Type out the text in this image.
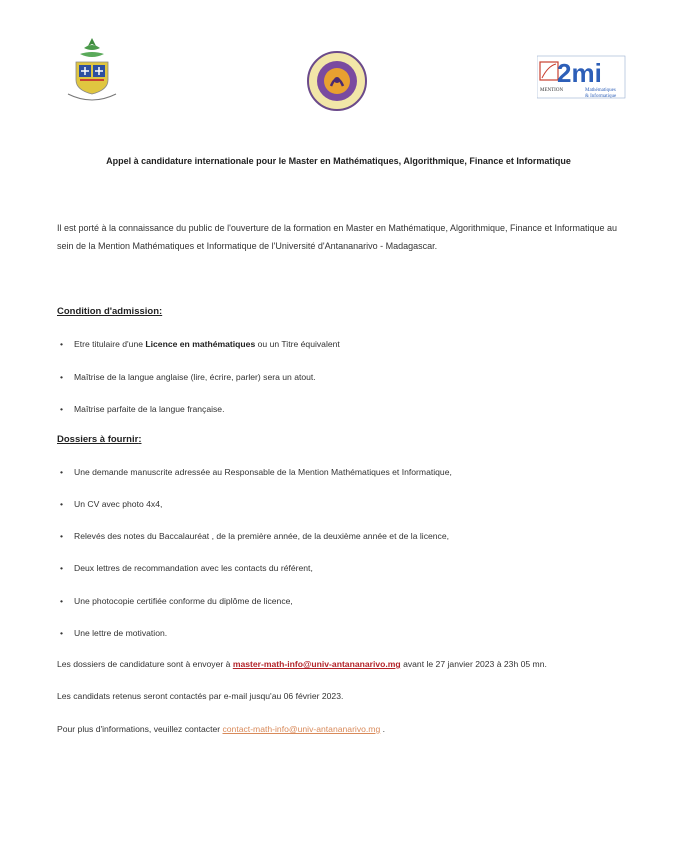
2mi
MENTION	Mathématiques
& Informatique
Appel à candidature internationale pour le Master en Mathématiques, Algorithmique, Finance et Informatique
Il est porté à la connaissance du public de l'ouverture de la formation en Master en Mathématique, Algorithmique, Finance et Informatique au sein de la Mention Mathématiques et Informatique de l'Université d'Antananarivo - Madagascar.
Condition d'admission:
• Etre titulaire d'une Licence en mathématiques ou un Titre équivalent
• Maîtrise de la langue anglaise (lire, écrire, parler) sera un atout.
• Maîtrise parfaite de la langue française.
Dossiers à fournir:
• Une demande manuscrite adressée au Responsable de la Mention Mathématiques et Informatique,
• Un CV avec photo 4x4,
• Relevés des notes du Baccalauréat , de la première année, de la deuxième année et de la licence,
• Deux lettres de recommandation avec les contacts du référent,
• Une photocopie certifiée conforme du diplôme de licence,
• Une lettre de motivation.
Les dossiers de candidature sont à envoyer à master-math-info@univ-antananarivo.mg avant le 27 janvier 2023 à 23h 05 mn.
Les candidats retenus seront contactés par e-mail jusqu'au 06 février 2023.
Pour plus d'informations, veuillez contacter contact-math-info@univ-antananarivo.mg .
